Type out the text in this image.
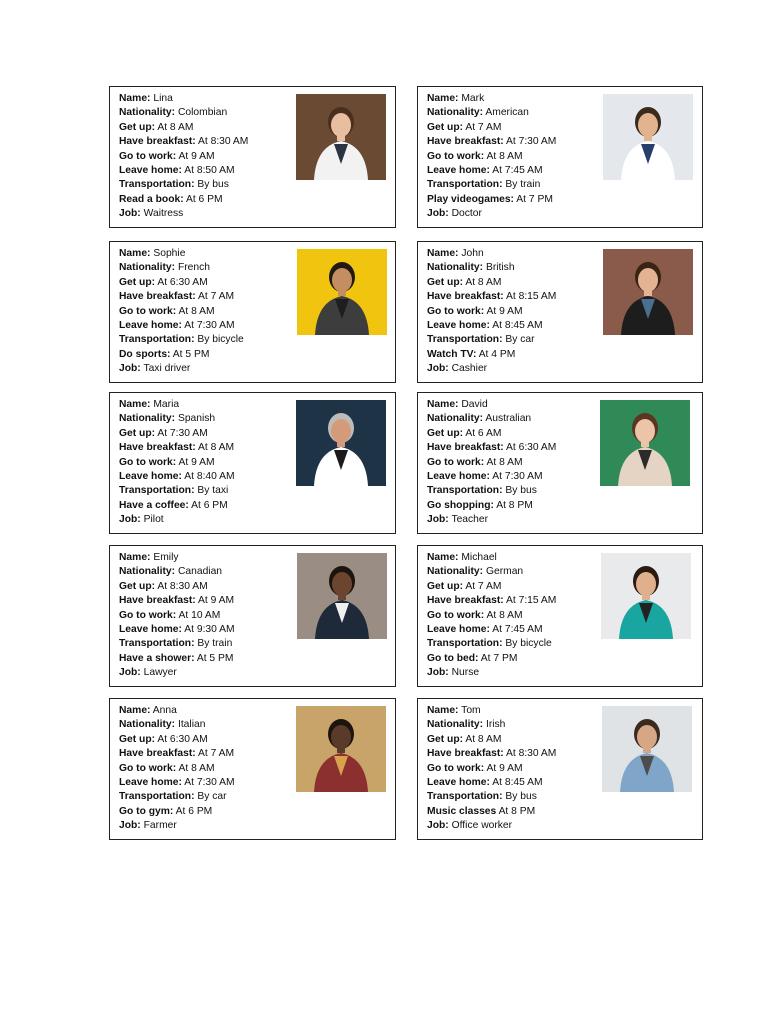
Name: Lina
Nationality: Colombian
Get up: At 8 AM
Have breakfast: At 8:30 AM
Go to work: At 9 AM
Leave home: At 8:50 AM
Transportation: By bus
Read a book: At 6 PM
Job: Waitress
Name: Mark
Nationality: American
Get up: At 7 AM
Have breakfast: At 7:30 AM
Go to work: At 8 AM
Leave home: At 7:45 AM
Transportation: By train
Play videogames: At 7 PM
Job: Doctor
Name: Sophie
Nationality: French
Get up: At 6:30 AM
Have breakfast: At 7 AM
Go to work: At 8 AM
Leave home: At 7:30 AM
Transportation: By bicycle
Do sports: At 5 PM
Job: Taxi driver
Name: John
Nationality: British
Get up: At 8 AM
Have breakfast: At 8:15 AM
Go to work: At 9 AM
Leave home: At 8:45 AM
Transportation: By car
Watch TV: At 4 PM
Job: Cashier
Name: Maria
Nationality: Spanish
Get up: At 7:30 AM
Have breakfast: At 8 AM
Go to work: At 9 AM
Leave home: At 8:40 AM
Transportation: By taxi
Have a coffee: At 6 PM
Job: Pilot
Name: David
Nationality: Australian
Get up: At 6 AM
Have breakfast: At 6:30 AM
Go to work: At 8 AM
Leave home: At 7:30 AM
Transportation: By bus
Go shopping: At 8 PM
Job: Teacher
Name: Emily
Nationality: Canadian
Get up: At 8:30 AM
Have breakfast: At 9 AM
Go to work: At 10 AM
Leave home: At 9:30 AM
Transportation: By train
Have a shower: At 5 PM
Job: Lawyer
Name: Michael
Nationality: German
Get up: At 7 AM
Have breakfast: At 7:15 AM
Go to work: At 8 AM
Leave home: At 7:45 AM
Transportation: By bicycle
Go to bed: At 7 PM
Job: Nurse
Name: Anna
Nationality: Italian
Get up: At 6:30 AM
Have breakfast: At 7 AM
Go to work: At 8 AM
Leave home: At 7:30 AM
Transportation: By car
Go to gym: At 6 PM
Job: Farmer
Name: Tom
Nationality: Irish
Get up: At 8 AM
Have breakfast: At 8:30 AM
Go to work: At 9 AM
Leave home: At 8:45 AM
Transportation: By bus
Music classes At 8 PM
Job: Office worker
